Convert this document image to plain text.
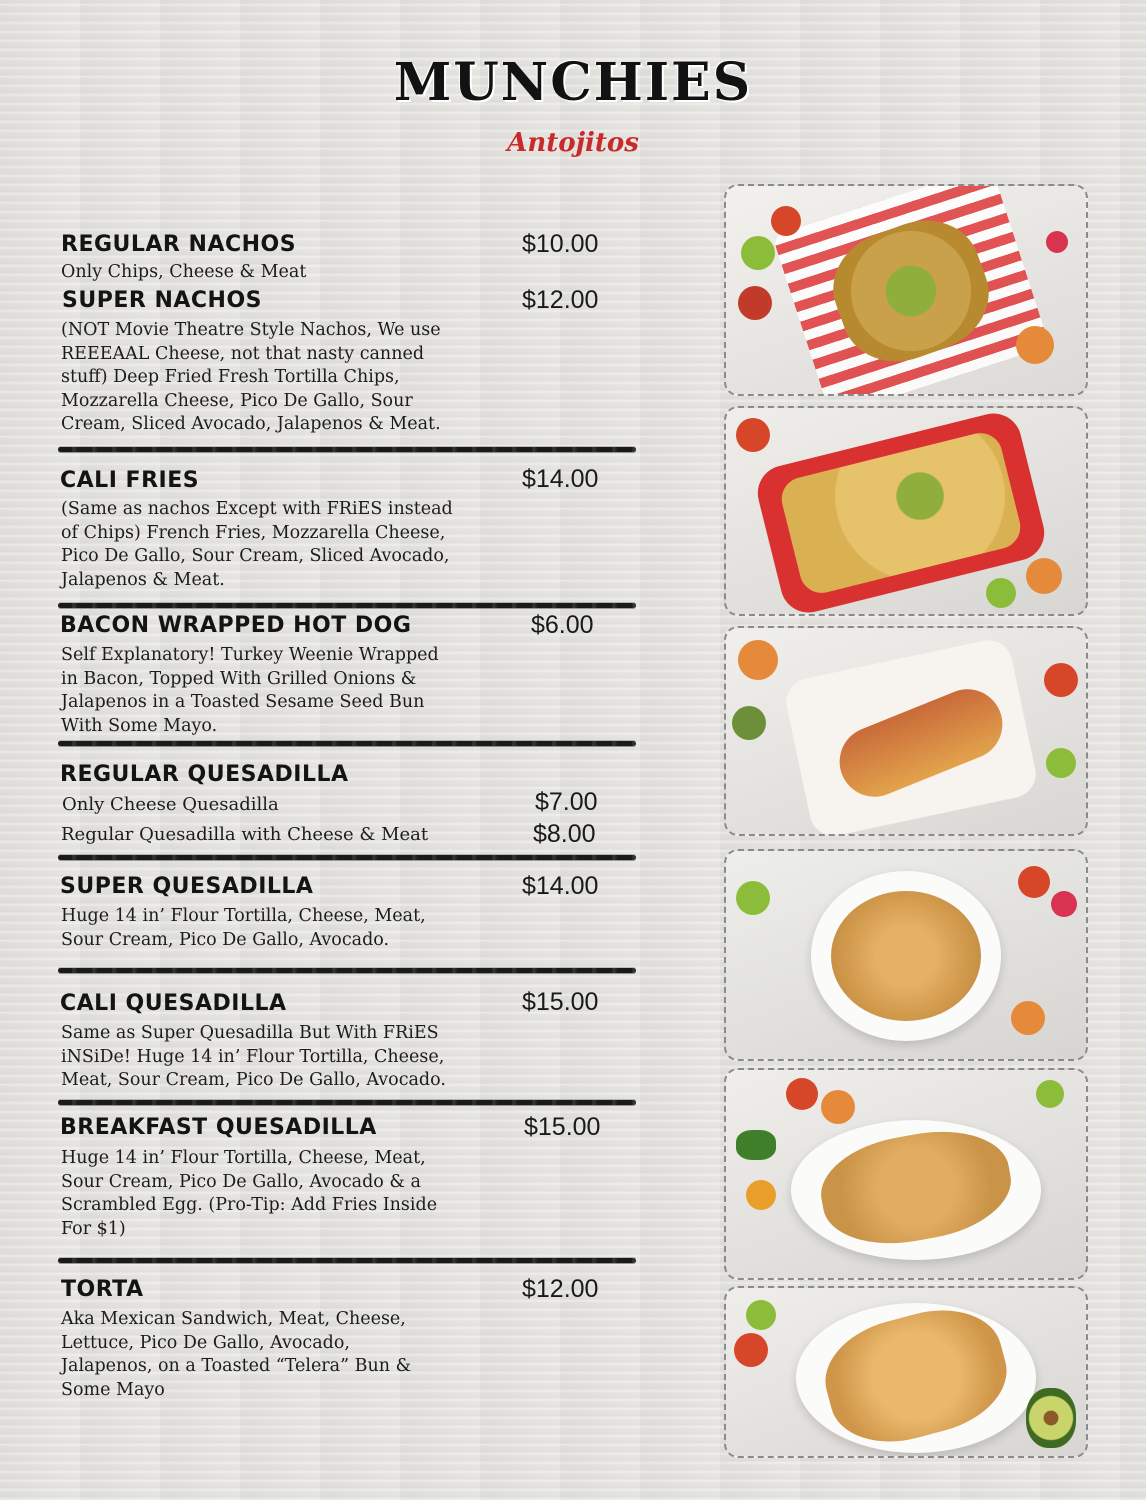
MUNCHIES
Antojitos
REGULAR NACHOS	$10.00
Only Chips, Cheese & Meat
SUPER NACHOS	$12.00
(NOT Movie Theatre Style Nachos, We use REEEAAL Cheese, not that nasty canned stuff) Deep Fried Fresh Tortilla Chips, Mozzarella Cheese, Pico De Gallo, Sour Cream, Sliced Avocado, Jalapenos & Meat.
CALI FRIES	$14.00
(Same as nachos Except with FRiES instead of Chips) French Fries, Mozzarella Cheese, Pico De Gallo, Sour Cream, Sliced Avocado, Jalapenos & Meat.
BACON WRAPPED HOT DOG	$6.00
Self Explanatory! Turkey Weenie Wrapped in Bacon, Topped With Grilled Onions & Jalapenos in a Toasted Sesame Seed Bun With Some Mayo.
REGULAR QUESADILLA
Only Cheese Quesadilla	$7.00
Regular Quesadilla with Cheese & Meat	$8.00
SUPER QUESADILLA	$14.00
Huge 14 in’ Flour Tortilla, Cheese, Meat, Sour Cream, Pico De Gallo, Avocado.
CALI QUESADILLA	$15.00
Same as Super Quesadilla But With FRiES iNSiDe! Huge 14 in’ Flour Tortilla, Cheese, Meat, Sour Cream, Pico De Gallo, Avocado.
BREAKFAST QUESADILLA	$15.00
Huge 14 in’ Flour Tortilla, Cheese, Meat, Sour Cream, Pico De Gallo, Avocado & a Scrambled Egg. (Pro-Tip: Add Fries Inside For $1)
TORTA	$12.00
Aka Mexican Sandwich, Meat, Cheese, Lettuce, Pico De Gallo, Avocado, Jalapenos, on a Toasted “Telera” Bun & Some Mayo
